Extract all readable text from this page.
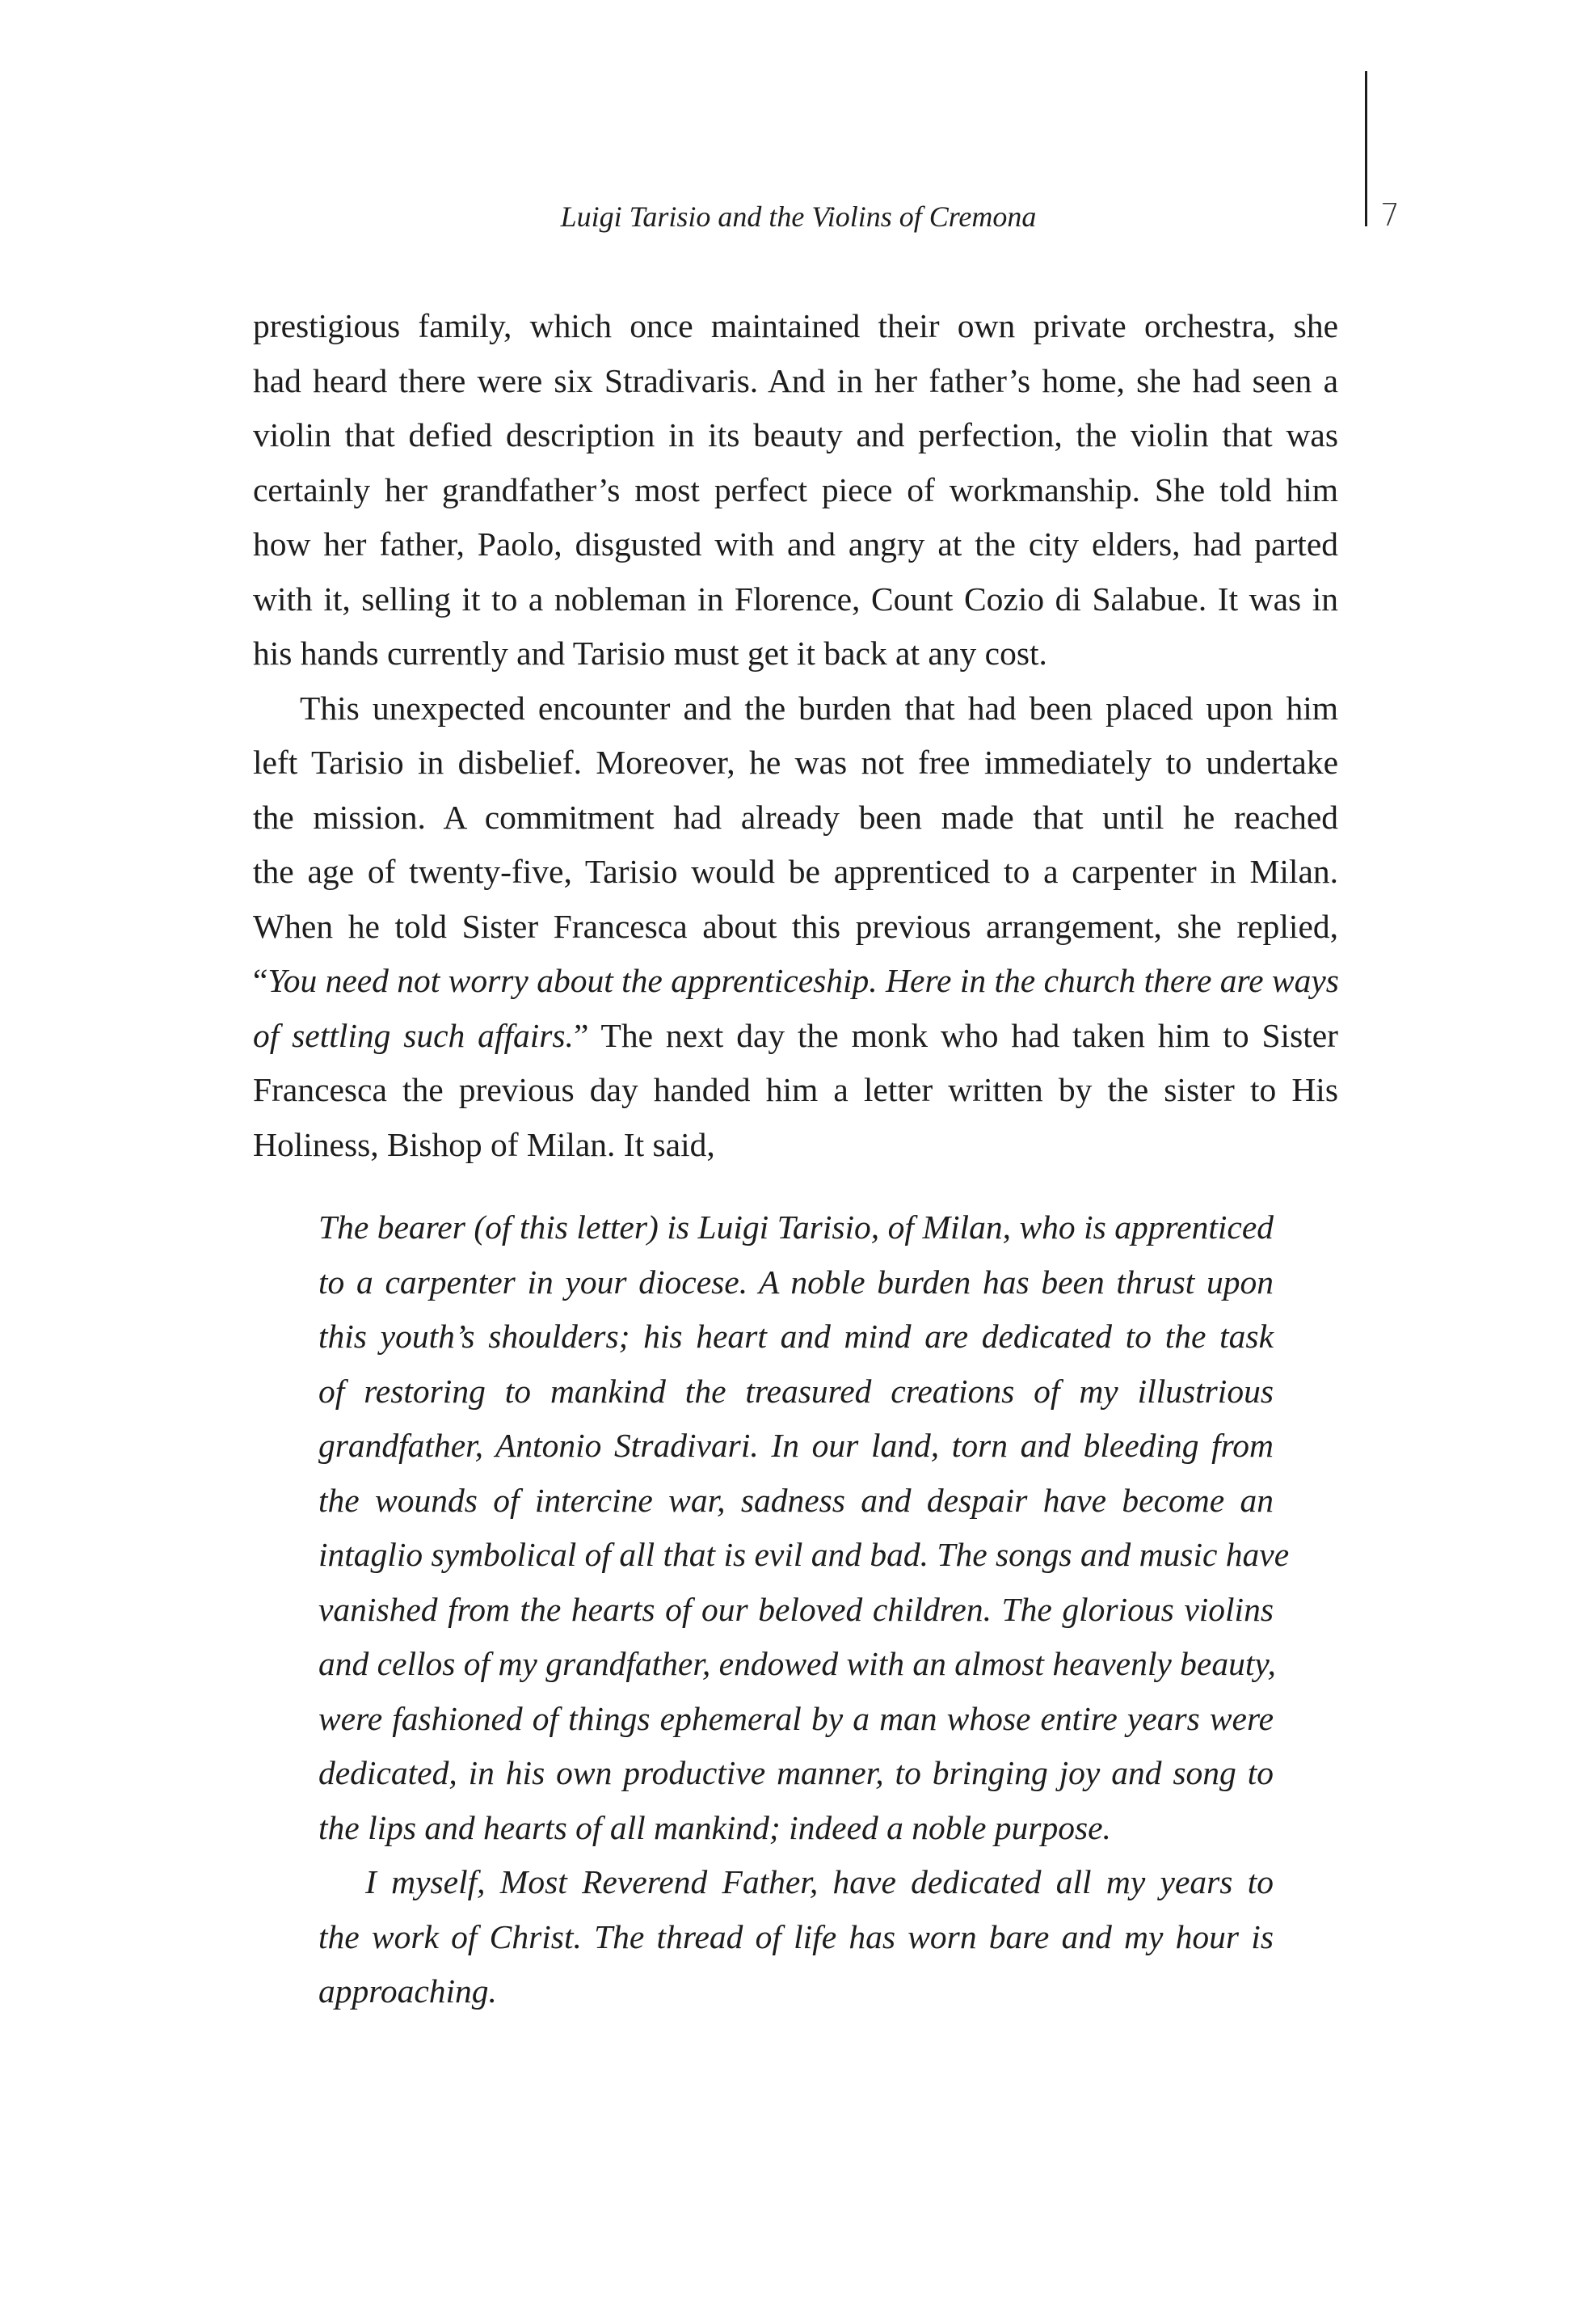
Luigi Tarisio and the Violins of Cremona	7

prestigious family, which once maintained their own private orchestra, she
had heard there were six Stradivaris. And in her father’s home, she had seen a
violin that defied description in its beauty and perfection, the violin that was
certainly her grandfather’s most perfect piece of workmanship. She told him
how her father, Paolo, disgusted with and angry at the city elders, had parted
with it, selling it to a nobleman in Florence, Count Cozio di Salabue. It was in
his hands currently and Tarisio must get it back at any cost.

This unexpected encounter and the burden that had been placed upon him
left Tarisio in disbelief. Moreover, he was not free immediately to undertake
the mission. A commitment had already been made that until he reached
the age of twenty-five, Tarisio would be apprenticed to a carpenter in Milan.
When he told Sister Francesca about this previous arrangement, she replied,
“You need not worry about the apprenticeship. Here in the church there are ways
of settling such affairs.” The next day the monk who had taken him to Sister
Francesca the previous day handed him a letter written by the sister to His
Holiness, Bishop of Milan. It said,

The bearer (of this letter) is Luigi Tarisio, of Milan, who is apprenticed
to a carpenter in your diocese. A noble burden has been thrust upon
this youth’s shoulders; his heart and mind are dedicated to the task
of restoring to mankind the treasured creations of my illustrious
grandfather, Antonio Stradivari. In our land, torn and bleeding from
the wounds of intercine war, sadness and despair have become an
intaglio symbolical of all that is evil and bad. The songs and music have
vanished from the hearts of our beloved children. The glorious violins
and cellos of my grandfather, endowed with an almost heavenly beauty,
were fashioned of things ephemeral by a man whose entire years were
dedicated, in his own productive manner, to bringing joy and song to
the lips and hearts of all mankind; indeed a noble purpose.

I myself, Most Reverend Father, have dedicated all my years to
the work of Christ. The thread of life has worn bare and my hour is
approaching.
